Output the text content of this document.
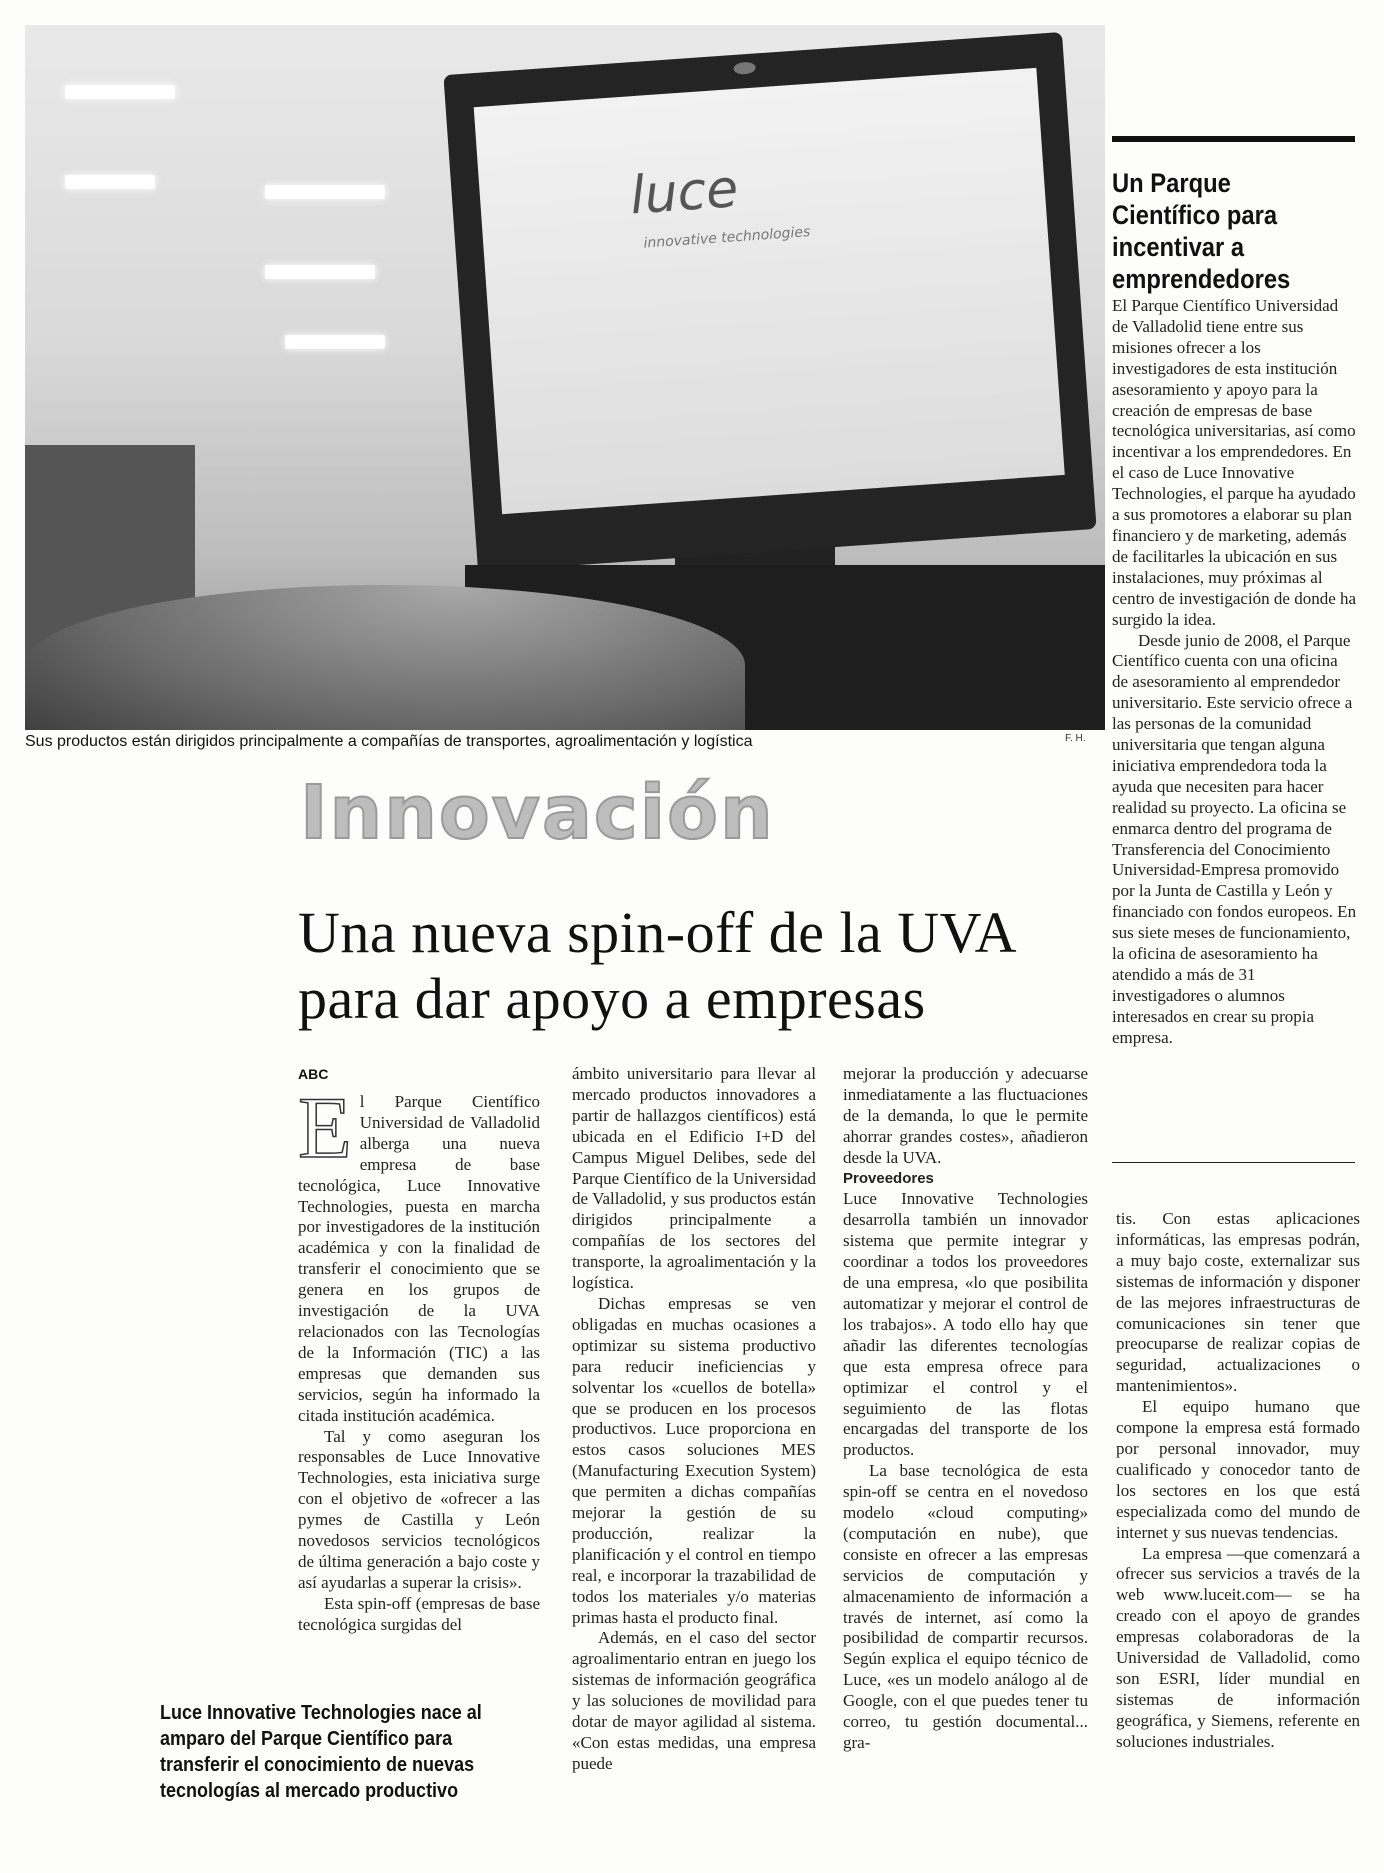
luce
innovative technologies
Sus productos están dirigidos principalmente a compañías de transportes, agroalimentación y logística	F. H.
Un Parque Científico para incentivar a emprendedores

El Parque Científico Universidad de Valladolid tiene entre sus misiones ofrecer a los investigadores de esta institución asesoramiento y apoyo para la creación de empresas de base tecnológica universitarias, así como incentivar a los emprendedores. En el caso de Luce Innovative Technologies, el parque ha ayudado a sus promotores a elaborar su plan financiero y de marketing, además de facilitarles la ubicación en sus instalaciones, muy próximas al centro de investigación de donde ha surgido la idea.

Desde junio de 2008, el Parque Científico cuenta con una oficina de asesoramiento al emprendedor universitario. Este servicio ofrece a las personas de la comunidad universitaria que tengan alguna iniciativa emprendedora toda la ayuda que necesiten para hacer realidad su proyecto. La oficina se enmarca dentro del programa de Transferencia del Conocimiento Universidad-Empresa promovido por la Junta de Castilla y León y financiado con fondos europeos. En sus siete meses de funcionamiento, la oficina de asesoramiento ha atendido a más de 31 investigadores o alumnos interesados en crear su propia empresa.

Innovación
Una nueva spin-off de la UVA para dar apoyo a empresas
ABC

El Parque Científico Universidad de Valladolid alberga una nueva empresa de base tecnológica, Luce Innovative Technologies, puesta en marcha por investigadores de la institución académica y con la finalidad de transferir el conocimiento que se genera en los grupos de investigación de la UVA relacionados con las Tecnologías de la Información (TIC) a las empresas que demanden sus servicios, según ha informado la citada institución académica.

Tal y como aseguran los responsables de Luce Innovative Technologies, esta iniciativa surge con el objetivo de «ofrecer a las pymes de Castilla y León novedosos servicios tecnológicos de última generación a bajo coste y así ayudarlas a superar la crisis».

Esta spin-off (empresas de base tecnológica surgidas del

ámbito universitario para llevar al mercado productos innovadores a partir de hallazgos científicos) está ubicada en el Edificio I+D del Campus Miguel Delibes, sede del Parque Científico de la Universidad de Valladolid, y sus productos están dirigidos principalmente a compañías de los sectores del transporte, la agroalimentación y la logística.

Dichas empresas se ven obligadas en muchas ocasiones a optimizar su sistema productivo para reducir ineficiencias y solventar los «cuellos de botella» que se producen en los procesos productivos. Luce proporciona en estos casos soluciones MES (Manufacturing Execution System) que permiten a dichas compañías mejorar la gestión de su producción, realizar la planificación y el control en tiempo real, e incorporar la trazabilidad de todos los materiales y/o materias primas hasta el producto final.

Además, en el caso del sector agroalimentario entran en juego los sistemas de información geográfica y las soluciones de movilidad para dotar de mayor agilidad al sistema. «Con estas medidas, una empresa puede

mejorar la producción y adecuarse inmediatamente a las fluctuaciones de la demanda, lo que le permite ahorrar grandes costes», añadieron desde la UVA.

Proveedores

Luce Innovative Technologies desarrolla también un innovador sistema que permite integrar y coordinar a todos los proveedores de una empresa, «lo que posibilita automatizar y mejorar el control de los trabajos». A todo ello hay que añadir las diferentes tecnologías que esta empresa ofrece para optimizar el control y el seguimiento de las flotas encargadas del transporte de los productos.

La base tecnológica de esta spin-off se centra en el novedoso modelo «cloud computing» (computación en nube), que consiste en ofrecer a las empresas servicios de computación y almacenamiento de información a través de internet, así como la posibilidad de compartir recursos. Según explica el equipo técnico de Luce, «es un modelo análogo al de Google, con el que puedes tener tu correo, tu gestión documental... gra-

tis. Con estas aplicaciones informáticas, las empresas podrán, a muy bajo coste, externalizar sus sistemas de información y disponer de las mejores infraestructuras de comunicaciones sin tener que preocuparse de realizar copias de seguridad, actualizaciones o mantenimientos».

El equipo humano que compone la empresa está formado por personal innovador, muy cualificado y conocedor tanto de los sectores en los que está especializada como del mundo de internet y sus nuevas tendencias.

La empresa —que comenzará a ofrecer sus servicios a través de la web www.luceit.com— se ha creado con el apoyo de grandes empresas colaboradoras de la Universidad de Valladolid, como son ESRI, líder mundial en sistemas de información geográfica, y Siemens, referente en soluciones industriales.

Luce Innovative Technologies nace al amparo del Parque Científico para transferir el conocimiento de nuevas tecnologías al mercado productivo
